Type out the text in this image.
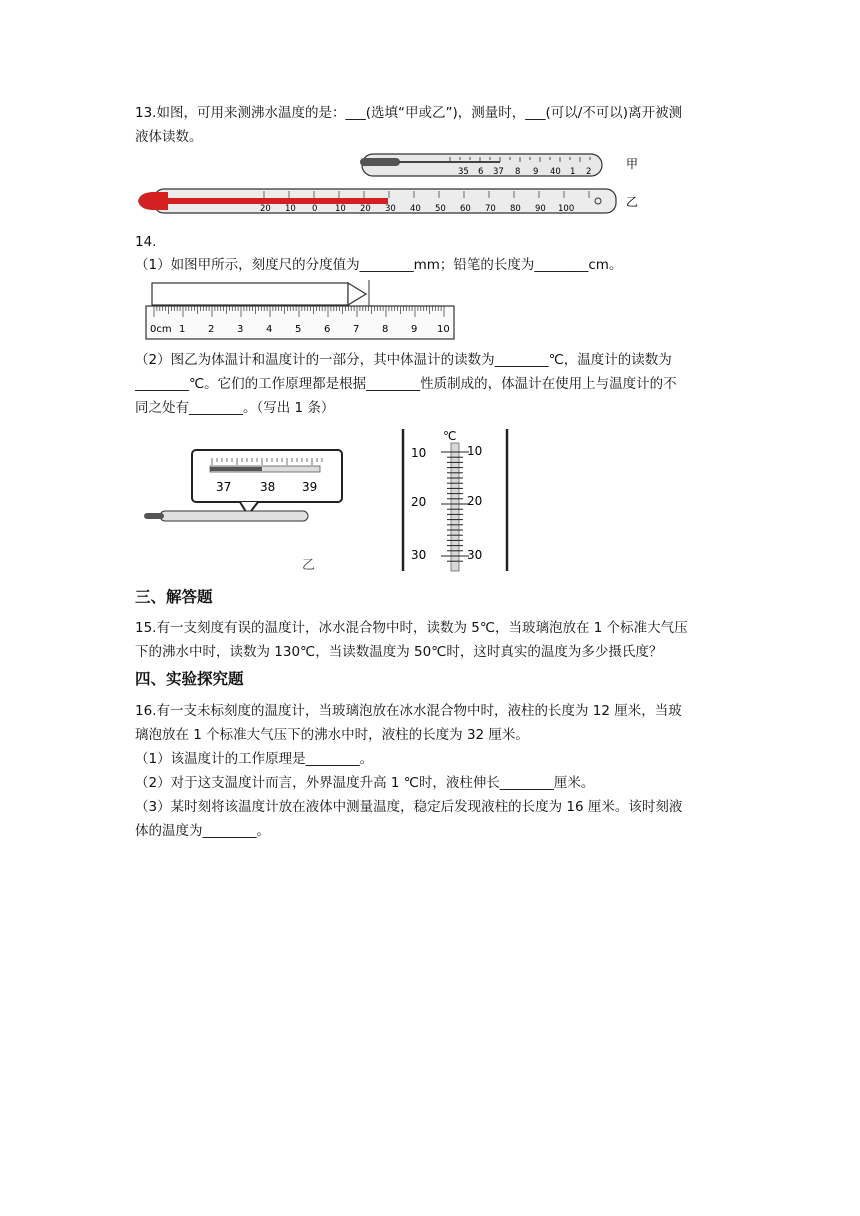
13.如图，可用来测沸水温度的是：___(选填“甲或乙”)，测量时，___(可以/不可以)离开被测
液体读数。
35 6 37 8 9 40 1 2
甲
20 10 0 10 20 30 40 50 60 70 80 90 100	乙
14.
（1）如图甲所示，刻度尺的分度值为________mm；铅笔的长度为________cm。
0cm 1 2 3 4 5 6 7 8 9 10
（2）图乙为体温计和温度计的一部分，其中体温计的读数为________℃，温度计的读数为
________℃。它们的工作原理都是根据________性质制成的，体温计在使用上与温度计的不
同之处有________。（写出 1 条）
37 38 39
乙
℃
10
20
30
10
20
30
三、解答题
15.有一支刻度有误的温度计，冰水混合物中时，读数为 5℃，当玻璃泡放在 1 个标准大气压
下的沸水中时，读数为 130℃，当读数温度为 50℃时，这时真实的温度为多少摄氏度？
四、实验探究题
16.有一支未标刻度的温度计，当玻璃泡放在冰水混合物中时，液柱的长度为 12 厘米，当玻
璃泡放在 1 个标准大气压下的沸水中时，液柱的长度为 32 厘米。
（1）该温度计的工作原理是________。
（2）对于这支温度计而言，外界温度升高 1 ℃时，液柱伸长________厘米。
（3）某时刻将该温度计放在液体中测量温度，稳定后发现液柱的长度为 16 厘米。该时刻液
体的温度为________。
